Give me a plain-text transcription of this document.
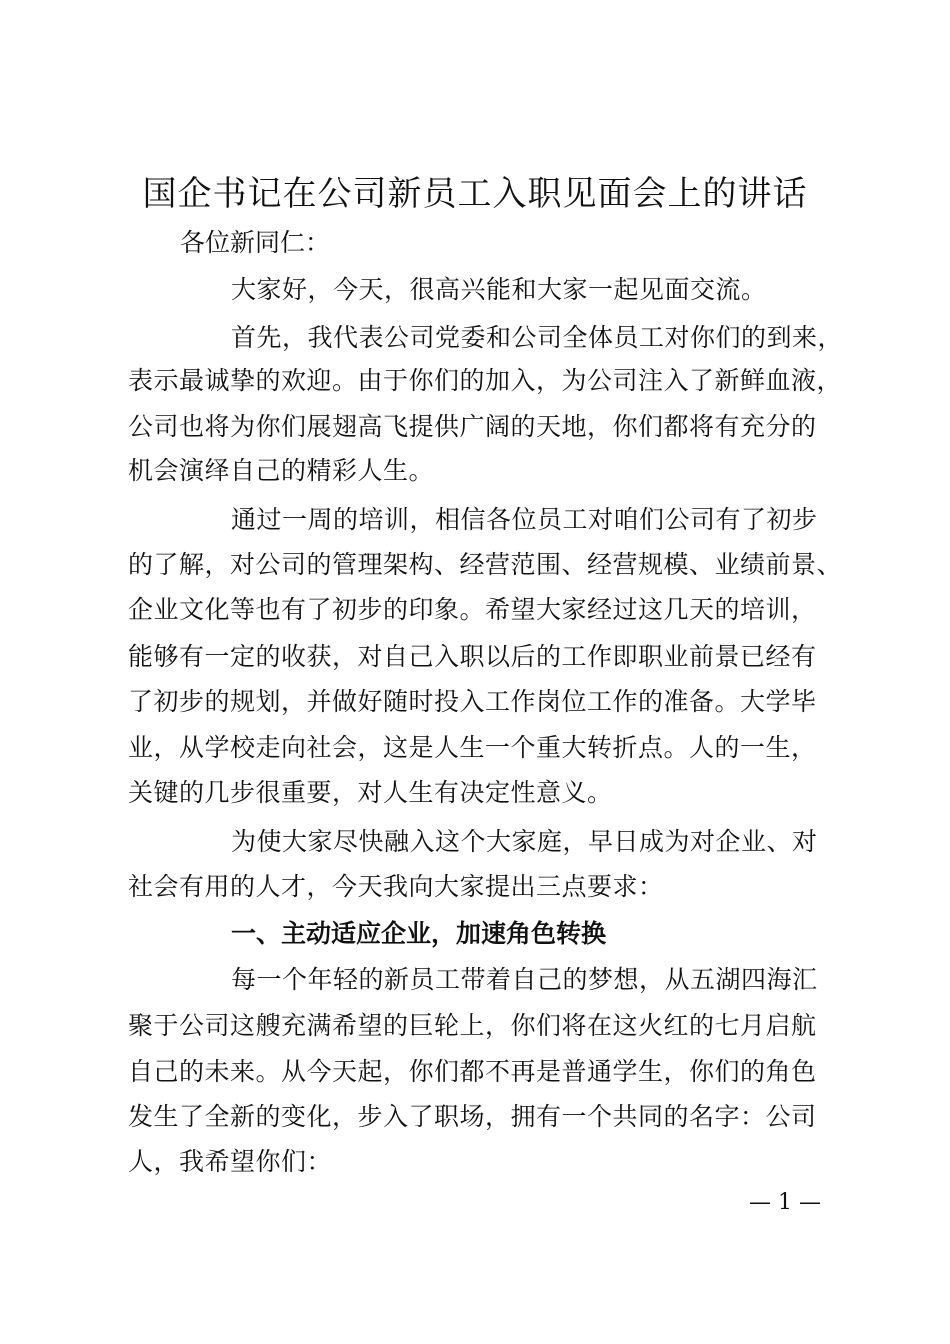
国企书记在公司新员工入职见面会上的讲话
各位新同仁：
大家好，今天，很高兴能和大家一起见面交流。
首先，我代表公司党委和公司全体员工对你们的到来，
表示最诚挚的欢迎。由于你们的加入，为公司注入了新鲜血液，
公司也将为你们展翅高飞提供广阔的天地，你们都将有充分的
机会演绎自己的精彩人生。
通过一周的培训，相信各位员工对咱们公司有了初步
的了解，对公司的管理架构、经营范围、经营规模、业绩前景、
企业文化等也有了初步的印象。希望大家经过这几天的培训，
能够有一定的收获，对自己入职以后的工作即职业前景已经有
了初步的规划，并做好随时投入工作岗位工作的准备。大学毕
业，从学校走向社会，这是人生一个重大转折点。人的一生，
关键的几步很重要，对人生有决定性意义。
为使大家尽快融入这个大家庭，早日成为对企业、对
社会有用的人才，今天我向大家提出三点要求：
一、主动适应企业，加速角色转换
每一个年轻的新员工带着自己的梦想，从五湖四海汇
聚于公司这艘充满希望的巨轮上，你们将在这火红的七月启航
自己的未来。从今天起，你们都不再是普通学生，你们的角色
发生了全新的变化，步入了职场，拥有一个共同的名字：公司
人，我希望你们：
— 1 —
